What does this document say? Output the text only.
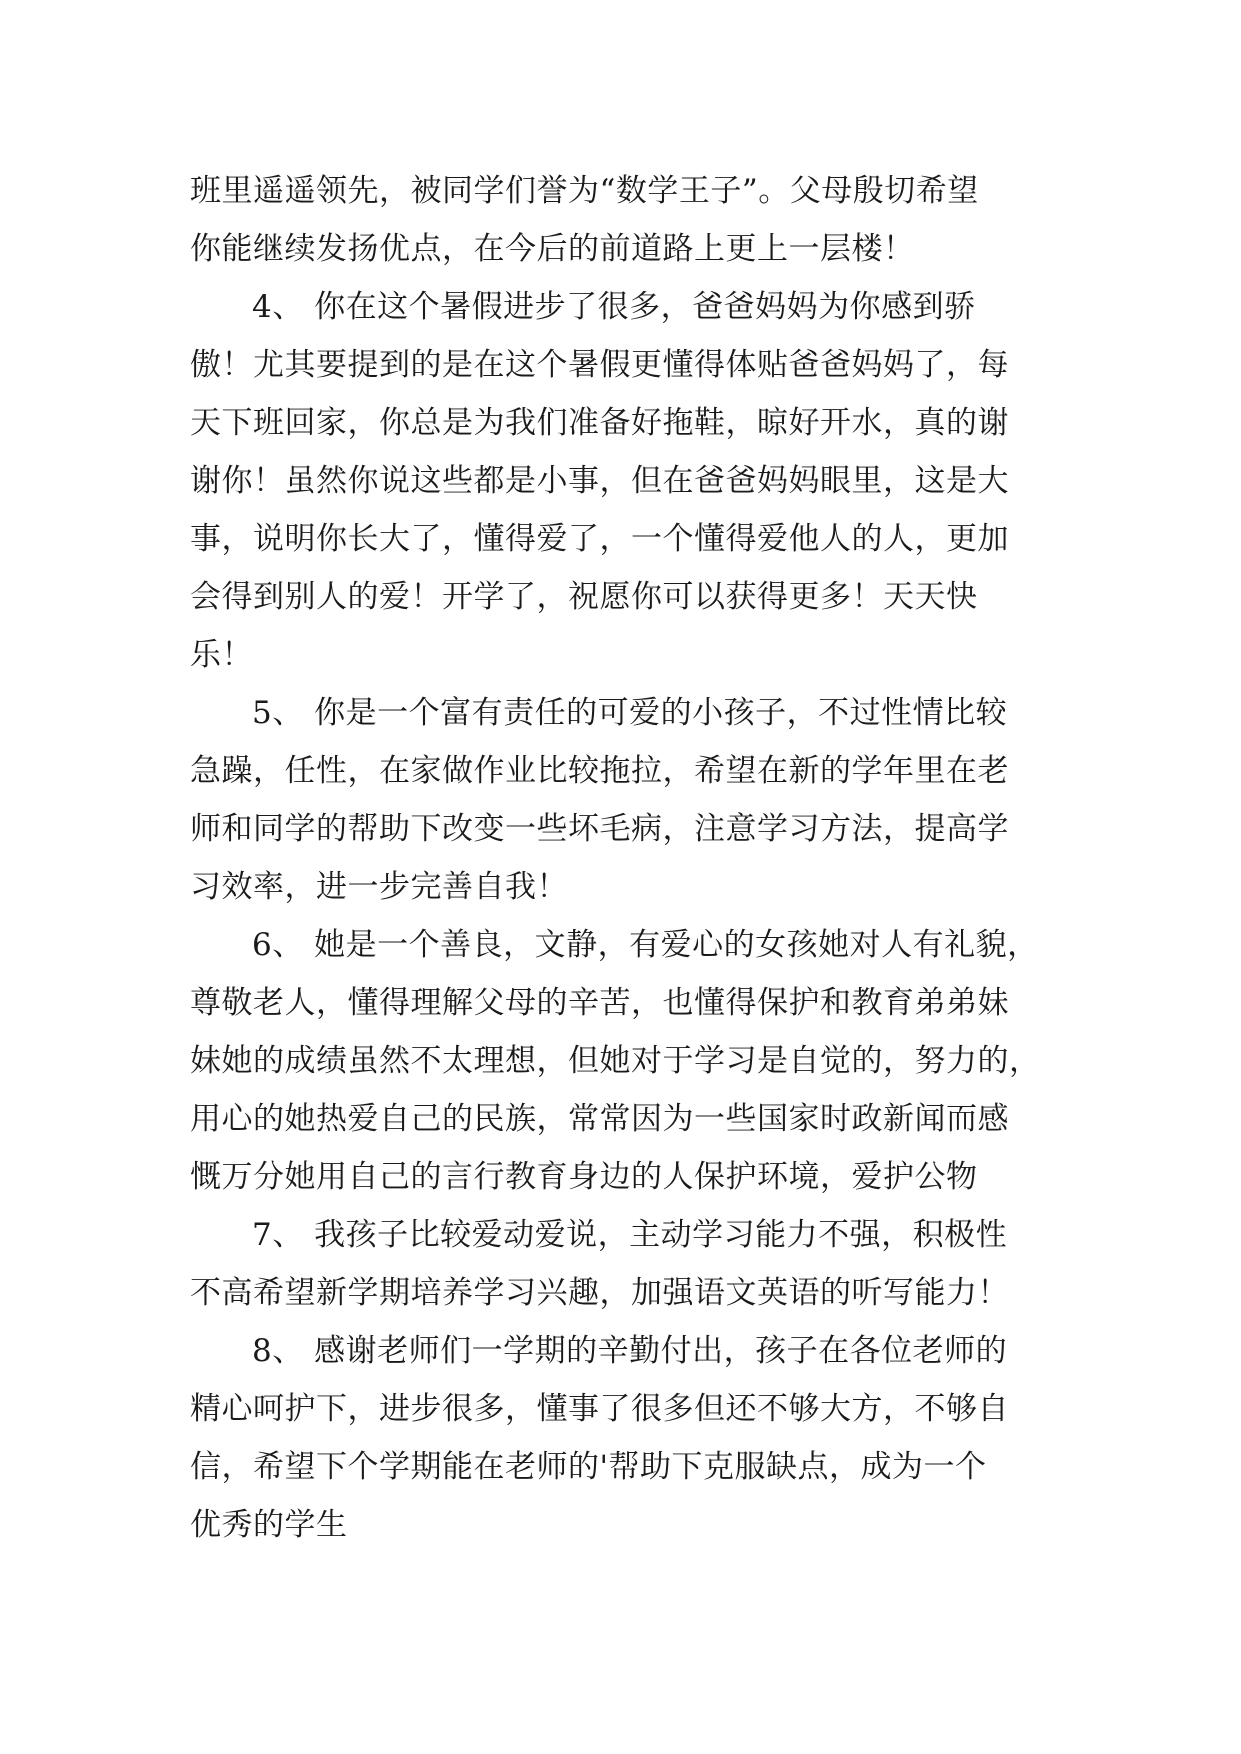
班里遥遥领先，被同学们誉为“数学王子”。父母殷切希望
你能继续发扬优点，在今后的前道路上更上一层楼！
4、 你在这个暑假进步了很多，爸爸妈妈为你感到骄
傲！尤其要提到的是在这个暑假更懂得体贴爸爸妈妈了，每
天下班回家，你总是为我们准备好拖鞋，晾好开水，真的谢
谢你！虽然你说这些都是小事，但在爸爸妈妈眼里，这是大
事，说明你长大了，懂得爱了，一个懂得爱他人的人，更加
会得到别人的爱！开学了，祝愿你可以获得更多！天天快
乐！
5、 你是一个富有责任的可爱的小孩子，不过性情比较
急躁，任性，在家做作业比较拖拉，希望在新的学年里在老
师和同学的帮助下改变一些坏毛病，注意学习方法，提高学
习效率，进一步完善自我！
6、 她是一个善良，文静，有爱心的女孩她对人有礼貌，
尊敬老人，懂得理解父母的辛苦，也懂得保护和教育弟弟妹
妹她的成绩虽然不太理想，但她对于学习是自觉的，努力的，
用心的她热爱自己的民族，常常因为一些国家时政新闻而感
慨万分她用自己的言行教育身边的人保护环境，爱护公物
7、 我孩子比较爱动爱说，主动学习能力不强，积极性
不高希望新学期培养学习兴趣，加强语文英语的听写能力！
8、 感谢老师们一学期的辛勤付出，孩子在各位老师的
精心呵护下，进步很多，懂事了很多但还不够大方，不够自
信，希望下个学期能在老师的'帮助下克服缺点，成为一个
优秀的学生
